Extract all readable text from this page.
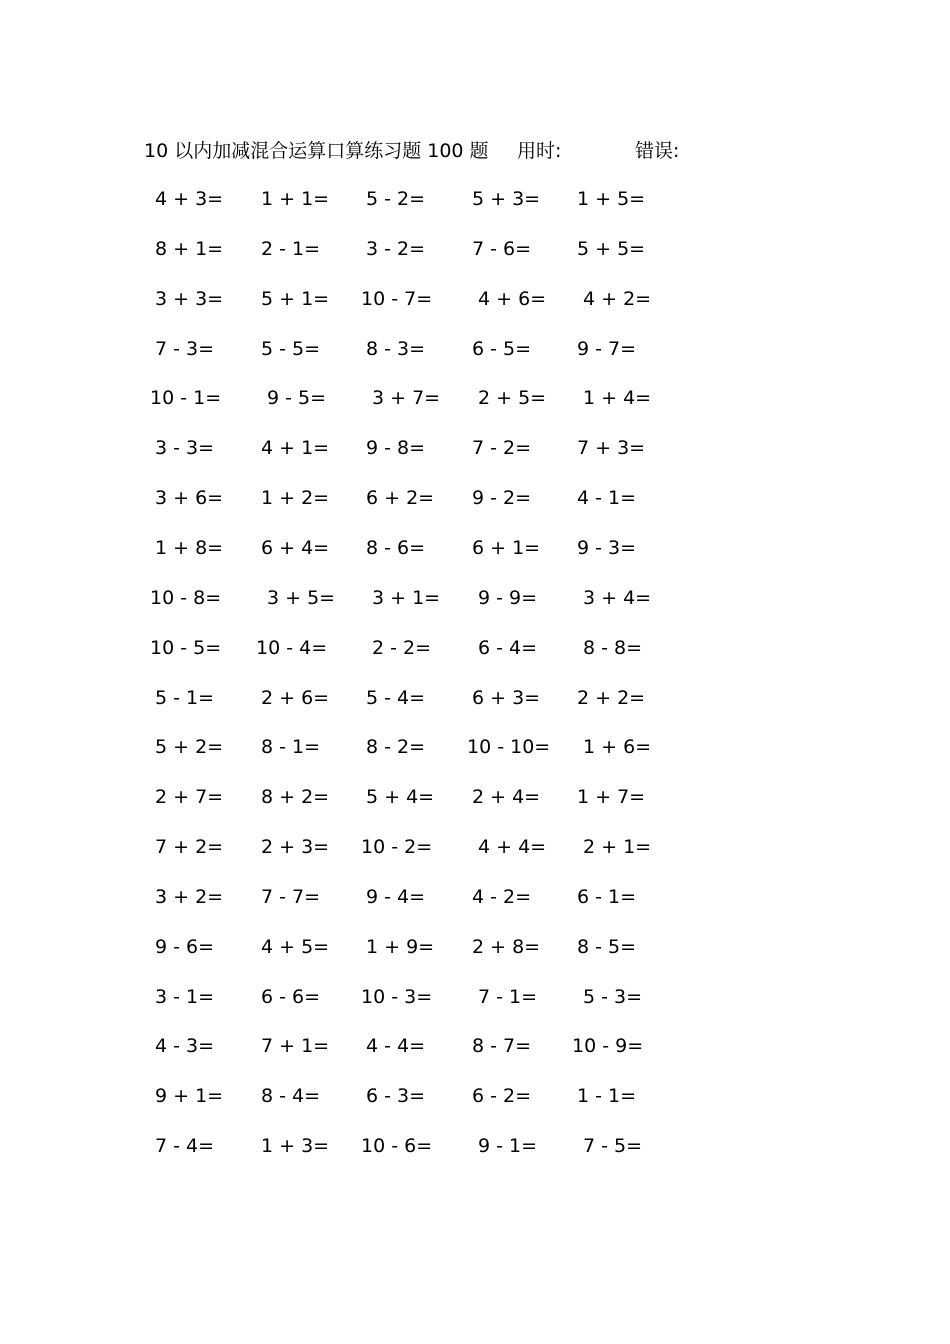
10 以内加减混合运算口算练习题 100 题 用时:	错误:
4 + 3= 1 + 1= 5 - 2= 5 + 3= 1 + 5=
8 + 1= 2 - 1= 3 - 2= 7 - 6= 5 + 5=
3 + 3= 5 + 1= 10 - 7= 4 + 6= 4 + 2=
7 - 3= 5 - 5= 8 - 3= 6 - 5= 9 - 7=
10 - 1= 9 - 5= 3 + 7= 2 + 5= 1 + 4=
3 - 3= 4 + 1= 9 - 8= 7 - 2= 7 + 3=
3 + 6= 1 + 2= 6 + 2= 9 - 2= 4 - 1=
1 + 8= 6 + 4= 8 - 6= 6 + 1= 9 - 3=
10 - 8= 3 + 5= 3 + 1= 9 - 9= 3 + 4=
10 - 5= 10 - 4= 2 - 2= 6 - 4= 8 - 8=
5 - 1= 2 + 6= 5 - 4= 6 + 3= 2 + 2=
5 + 2= 8 - 1= 8 - 2= 10 - 10= 1 + 6=
2 + 7= 8 + 2= 5 + 4= 2 + 4= 1 + 7=
7 + 2= 2 + 3= 10 - 2= 4 + 4= 2 + 1=
3 + 2= 7 - 7= 9 - 4= 4 - 2= 6 - 1=
9 - 6= 4 + 5= 1 + 9= 2 + 8= 8 - 5=
3 - 1= 6 - 6= 10 - 3= 7 - 1= 5 - 3=
4 - 3= 7 + 1= 4 - 4= 8 - 7= 10 - 9=
9 + 1= 8 - 4= 6 - 3= 6 - 2= 1 - 1=
7 - 4= 1 + 3= 10 - 6= 9 - 1= 7 - 5=
